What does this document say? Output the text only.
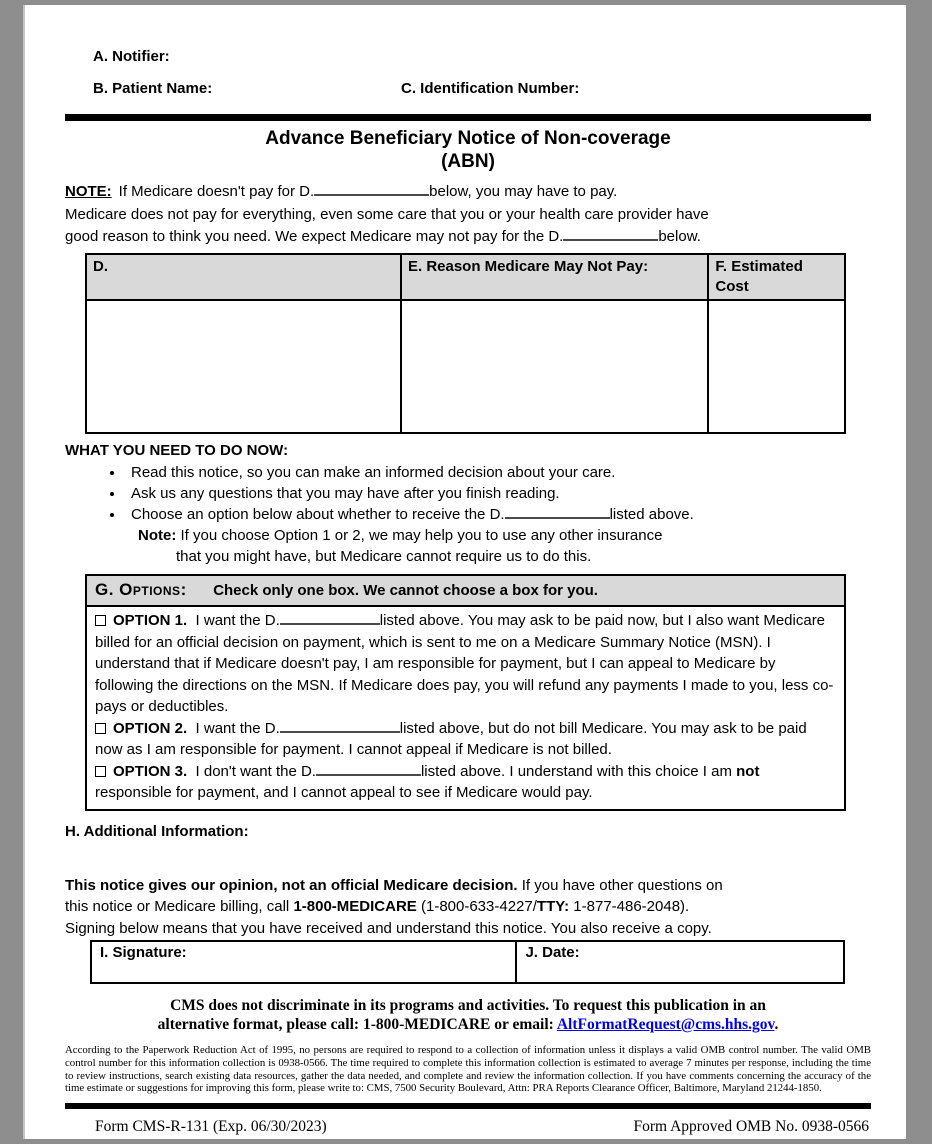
A. Notifier:
B. Patient Name:	C. Identification Number:
Advance Beneficiary Notice of Non-coverage
(ABN)

NOTE: If Medicare doesn't pay for D.	below, you may have to pay.

Medicare does not pay for everything, even some care that you or your health care provider have
good reason to think you need. We expect Medicare may not pay for the D.	below.

D.	E. Reason Medicare May Not Pay:	F. Estimated Cost

WHAT YOU NEED TO DO NOW:
• Read this notice, so you can make an informed decision about your care.
• Ask us any questions that you may have after you finish reading.
• Choose an option below about whether to receive the D.	listed above.
Note: If you choose Option 1 or 2, we may help you to use any other insurance
that you might have, but Medicare cannot require us to do this.
G. Options: Check only one box. We cannot choose a box for you.

OPTION 1. I want the D.	listed above. You may ask to be paid now, but I also want Medicare billed for an official decision on payment, which is sent to me on a Medicare Summary Notice (MSN). I understand that if Medicare doesn't pay, I am responsible for payment, but I can appeal to Medicare by following the directions on the MSN. If Medicare does pay, you will refund any payments I made to you, less co-pays or deductibles.

OPTION 2. I want the D.	listed above, but do not bill Medicare. You may ask to be paid now as I am responsible for payment. I cannot appeal if Medicare is not billed.

OPTION 3. I don't want the D.	listed above. I understand with this choice I am not responsible for payment, and I cannot appeal to see if Medicare would pay.

H. Additional Information:

This notice gives our opinion, not an official Medicare decision. If you have other questions on
this notice or Medicare billing, call 1-800-MEDICARE (1-800-633-4227/TTY: 1-877-486-2048).
Signing below means that you have received and understand this notice. You also receive a copy.

I. Signature:	J. Date:
CMS does not discriminate in its programs and activities. To request this publication in an
alternative format, please call: 1-800-MEDICARE or email: AltFormatRequest@cms.hhs.gov.

According to the Paperwork Reduction Act of 1995, no persons are required to respond to a collection of information unless it displays a valid OMB control number. The valid OMB control number for this information collection is 0938-0566. The time required to complete this information collection is estimated to average 7 minutes per response, including the time to review instructions, search existing data resources, gather the data needed, and complete and review the information collection. If you have comments concerning the accuracy of the time estimate or suggestions for improving this form, please write to: CMS, 7500 Security Boulevard, Attn: PRA Reports Clearance Officer, Baltimore, Maryland 21244-1850.

Form CMS-R-131 (Exp. 06/30/2023)	Form Approved OMB No. 0938-0566
